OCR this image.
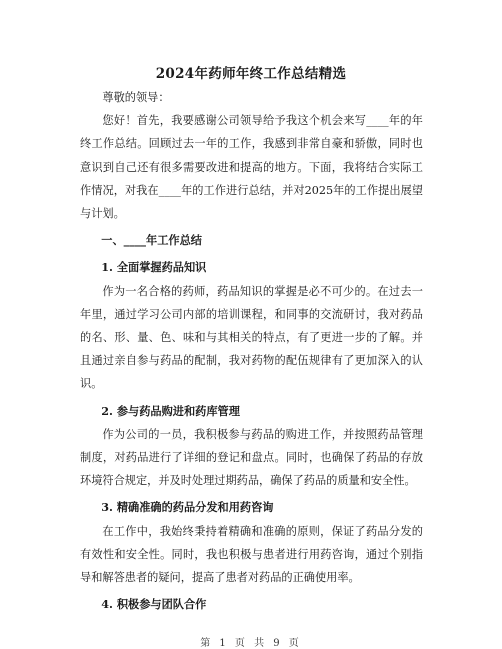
2024年药师年终工作总结精选

尊敬的领导：

您好！首先，我要感谢公司领导给予我这个机会来写____年的年终工作总结。回顾过去一年的工作，我感到非常自豪和骄傲，同时也意识到自己还有很多需要改进和提高的地方。下面，我将结合实际工作情况，对我在____年的工作进行总结，并对2025年的工作提出展望与计划。

一、____年工作总结

1. 全面掌握药品知识

作为一名合格的药师，药品知识的掌握是必不可少的。在过去一年里，通过学习公司内部的培训课程，和同事的交流研讨，我对药品的名、形、量、色、味和与其相关的特点，有了更进一步的了解。并且通过亲自参与药品的配制，我对药物的配伍规律有了更加深入的认识。

2. 参与药品购进和药库管理

作为公司的一员，我积极参与药品的购进工作，并按照药品管理制度，对药品进行了详细的登记和盘点。同时，也确保了药品的存放环境符合规定，并及时处理过期药品，确保了药品的质量和安全性。

3. 精确准确的药品分发和用药咨询

在工作中，我始终秉持着精确和准确的原则，保证了药品分发的有效性和安全性。同时，我也积极与患者进行用药咨询，通过个别指导和解答患者的疑问，提高了患者对药品的正确使用率。

4. 积极参与团队合作

第 1 页 共 9 页
